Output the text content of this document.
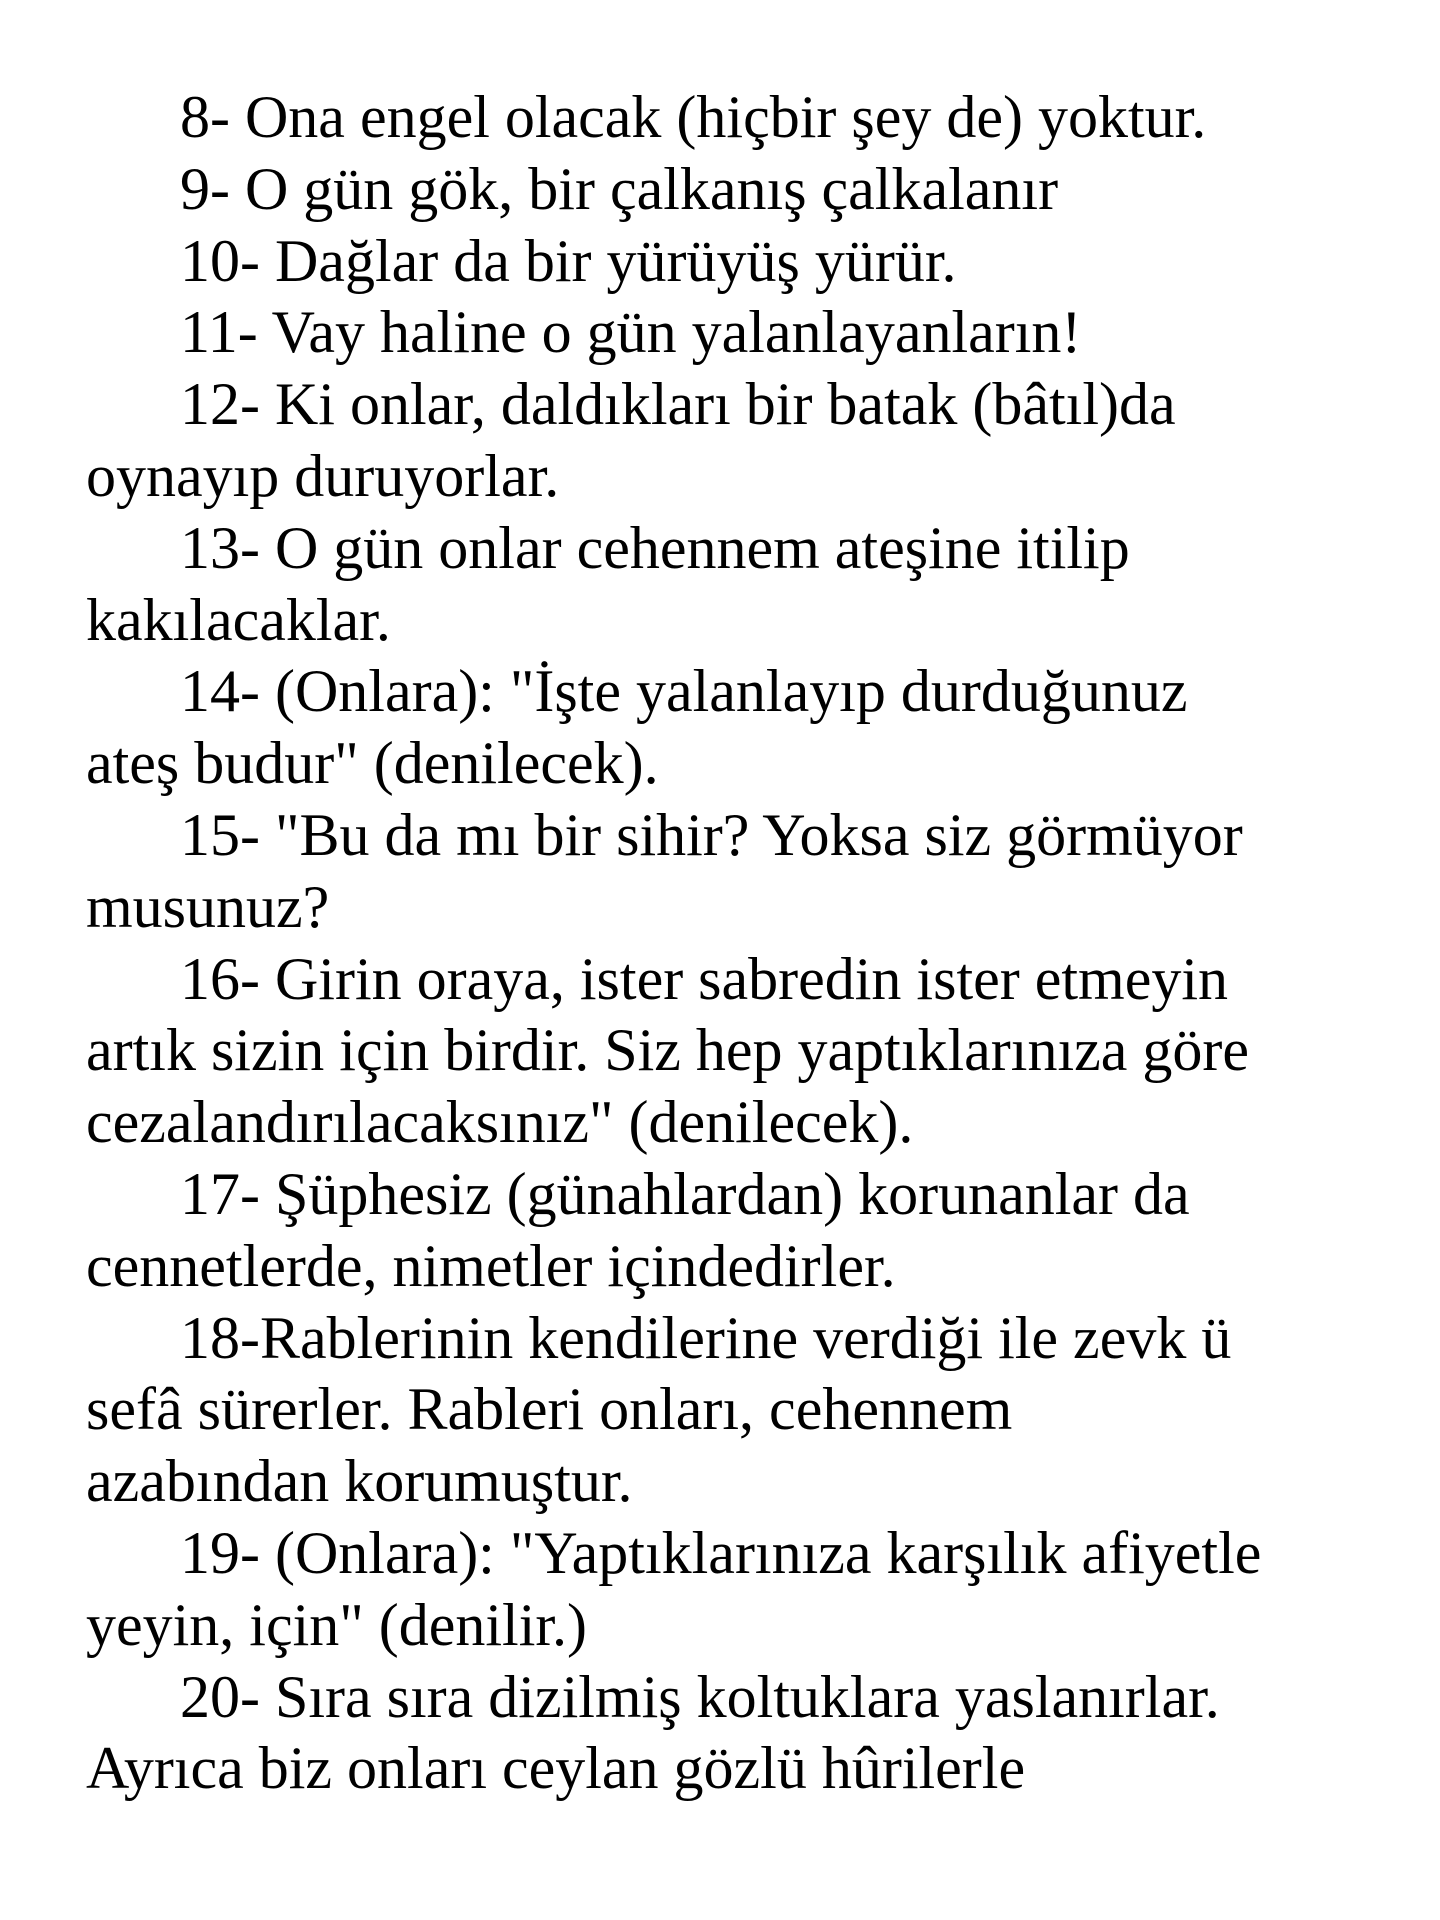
8- Ona engel olacak (hiçbir şey de) yoktur.

9- O gün gök, bir çalkanış çalkalanır

10- Dağlar da bir yürüyüş yürür.

11- Vay haline o gün yalanlayanların!

12- Ki onlar, daldıkları bir batak (bâtıl)da
oynayıp duruyorlar.

13- O gün onlar cehennem ateşine itilip
kakılacaklar.

14- (Onlara): "İşte yalanlayıp durduğunuz
ateş budur" (denilecek).

15- "Bu da mı bir sihir? Yoksa siz görmüyor
musunuz?

16- Girin oraya, ister sabredin ister etmeyin
artık sizin için birdir. Siz hep yaptıklarınıza göre
cezalandırılacaksınız" (denilecek).

17- Şüphesiz (günahlardan) korunanlar da
cennetlerde, nimetler içindedirler.

18-Rablerinin kendilerine verdiği ile zevk ü
sefâ sürerler. Rableri onları, cehennem
azabından korumuştur.

19- (Onlara): "Yaptıklarınıza karşılık afiyetle
yeyin, için" (denilir.)

20- Sıra sıra dizilmiş koltuklara yaslanırlar.
Ayrıca biz onları ceylan gözlü hûrilerle
